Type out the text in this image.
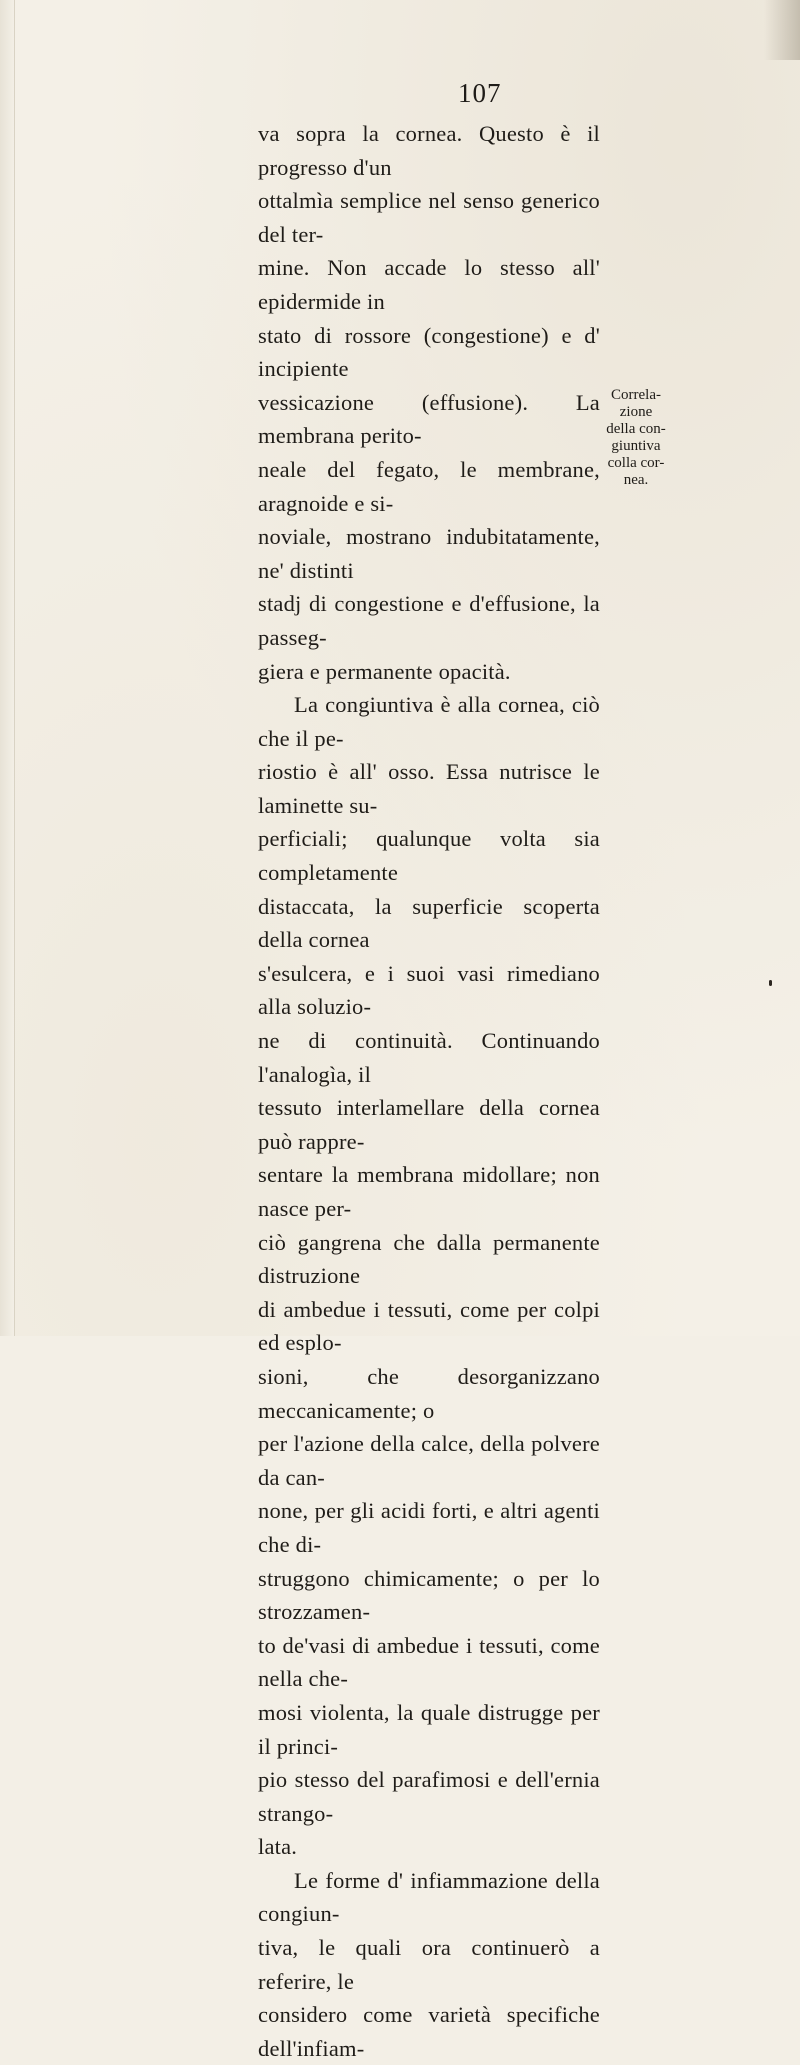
107

va sopra la cornea. Questo è il progresso d'un
ottalmìa semplice nel senso generico del ter-
mine. Non accade lo stesso all' epidermide in
stato di rossore (congestione) e d' incipiente
vessicazione (effusione). La membrana perito-
neale del fegato, le membrane, aragnoide e si-
noviale, mostrano indubitatamente, ne' distinti
stadj di congestione e d'effusione, la passeg-
giera e permanente opacità.

La congiuntiva è alla cornea, ciò che il pe-
riostio è all' osso. Essa nutrisce le laminette su-
perficiali; qualunque volta sia completamente
distaccata, la superficie scoperta della cornea
s'esulcera, e i suoi vasi rimediano alla soluzio-
ne di continuità. Continuando l'analogìa, il
tessuto interlamellare della cornea può rappre-
sentare la membrana midollare; non nasce per-
ciò gangrena che dalla permanente distruzione
di ambedue i tessuti, come per colpi ed esplo-
sioni, che desorganizzano meccanicamente; o
per l'azione della calce, della polvere da can-
none, per gli acidi forti, e altri agenti che di-
struggono chimicamente; o per lo strozzamen-
to de'vasi di ambedue i tessuti, come nella che-
mosi violenta, la quale distrugge per il princi-
pio stesso del parafimosi e dell'ernia strango-
lata.

Le forme d' infiammazione della congiun-
tiva, le quali ora continuerò a referire, le
considero come varietà specifiche dell'infiam-

Correla-
zione
della con-
giuntiva
colla cor-
nea.
